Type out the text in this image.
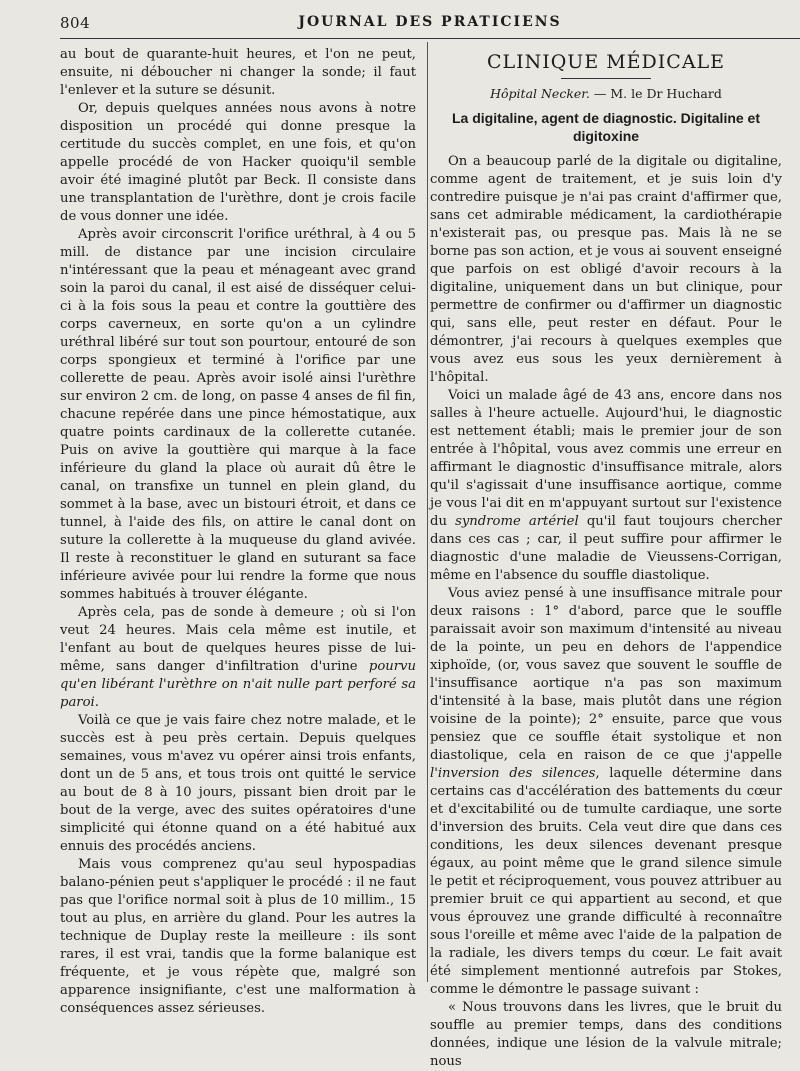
804	JOURNAL DES PRATICIENS

au bout de quarante-huit heures, et l'on ne peut, ensuite, ni déboucher ni changer la sonde; il faut l'enlever et la suture se désunit.

Or, depuis quelques années nous avons à notre disposition un procédé qui donne presque la certitude du succès complet, en une fois, et qu'on appelle procédé de von Hacker quoiqu'il semble avoir été imaginé plutôt par Beck. Il consiste dans une transplantation de l'urèthre, dont je crois facile de vous donner une idée.

Après avoir circonscrit l'orifice uréthral, à 4 ou 5 mill. de distance par une incision circulaire n'intéressant que la peau et ménageant avec grand soin la paroi du canal, il est aisé de disséquer celui-ci à la fois sous la peau et contre la gouttière des corps caverneux, en sorte qu'on a un cylindre uréthral libéré sur tout son pourtour, entouré de son corps spongieux et terminé à l'orifice par une collerette de peau. Après avoir isolé ainsi l'urèthre sur environ 2 cm. de long, on passe 4 anses de fil fin, chacune repérée dans une pince hémostatique, aux quatre points cardinaux de la collerette cutanée. Puis on avive la gouttière qui marque à la face inférieure du gland la place où aurait dû être le canal, on transfixe un tunnel en plein gland, du sommet à la base, avec un bistouri étroit, et dans ce tunnel, à l'aide des fils, on attire le canal dont on suture la collerette à la muqueuse du gland avivée. Il reste à reconstituer le gland en suturant sa face inférieure avivée pour lui rendre la forme que nous sommes habitués à trouver élégante.

Après cela, pas de sonde à demeure ; où si l'on veut 24 heures. Mais cela même est inutile, et l'enfant au bout de quelques heures pisse de lui-même, sans danger d'infiltration d'urine pourvu qu'en libérant l'urèthre on n'ait nulle part perforé sa paroi.

Voilà ce que je vais faire chez notre malade, et le succès est à peu près certain. Depuis quelques semaines, vous m'avez vu opérer ainsi trois enfants, dont un de 5 ans, et tous trois ont quitté le service au bout de 8 à 10 jours, pissant bien droit par le bout de la verge, avec des suites opératoires d'une simplicité qui étonne quand on a été habitué aux ennuis des procédés anciens.

Mais vous comprenez qu'au seul hypospadias balano-pénien peut s'appliquer le procédé : il ne faut pas que l'orifice normal soit à plus de 10 millim., 15 tout au plus, en arrière du gland. Pour les autres la technique de Duplay reste la meilleure : ils sont rares, il est vrai, tandis que la forme balanique est fréquente, et je vous répète que, malgré son apparence insignifiante, c'est une malformation à conséquences assez sérieuses.

CLINIQUE MÉDICALE
Hôpital Necker. — M. le Dr Huchard
La digitaline, agent de diagnostic. Digitaline et digitoxine

On a beaucoup parlé de la digitale ou digitaline, comme agent de traitement, et je suis loin d'y contredire puisque je n'ai pas craint d'affirmer que, sans cet admirable médicament, la cardiothérapie n'existerait pas, ou presque pas. Mais là ne se borne pas son action, et je vous ai souvent enseigné que parfois on est obligé d'avoir recours à la digitaline, uniquement dans un but clinique, pour permettre de confirmer ou d'affirmer un diagnostic qui, sans elle, peut rester en défaut. Pour le démontrer, j'ai recours à quelques exemples que vous avez eus sous les yeux dernièrement à l'hôpital.

Voici un malade âgé de 43 ans, encore dans nos salles à l'heure actuelle. Aujourd'hui, le diagnostic est nettement établi; mais le premier jour de son entrée à l'hôpital, vous avez commis une erreur en affirmant le diagnostic d'insuffisance mitrale, alors qu'il s'agissait d'une insuffisance aortique, comme je vous l'ai dit en m'appuyant surtout sur l'existence du syndrome artériel qu'il faut toujours chercher dans ces cas ; car, il peut suffire pour affirmer le diagnostic d'une maladie de Vieussens-Corrigan, même en l'absence du souffle diastolique.

Vous aviez pensé à une insuffisance mitrale pour deux raisons : 1° d'abord, parce que le souffle paraissait avoir son maximum d'intensité au niveau de la pointe, un peu en dehors de l'appendice xiphoïde, (or, vous savez que souvent le souffle de l'insuffisance aortique n'a pas son maximum d'intensité à la base, mais plutôt dans une région voisine de la pointe); 2° ensuite, parce que vous pensiez que ce souffle était systolique et non diastolique, cela en raison de ce que j'appelle l'inversion des silences, laquelle détermine dans certains cas d'accélération des battements du cœur et d'excitabilité ou de tumulte cardiaque, une sorte d'inversion des bruits. Cela veut dire que dans ces conditions, les deux silences devenant presque égaux, au point même que le grand silence simule le petit et réciproquement, vous pouvez attribuer au premier bruit ce qui appartient au second, et que vous éprouvez une grande difficulté à reconnaître sous l'oreille et même avec l'aide de la palpation de la radiale, les divers temps du cœur. Le fait avait été simplement mentionné autrefois par Stokes, comme le démontre le passage suivant :

« Nous trouvons dans les livres, que le bruit du souffle au premier temps, dans des conditions données, indique une lésion de la valvule mitrale; nous
